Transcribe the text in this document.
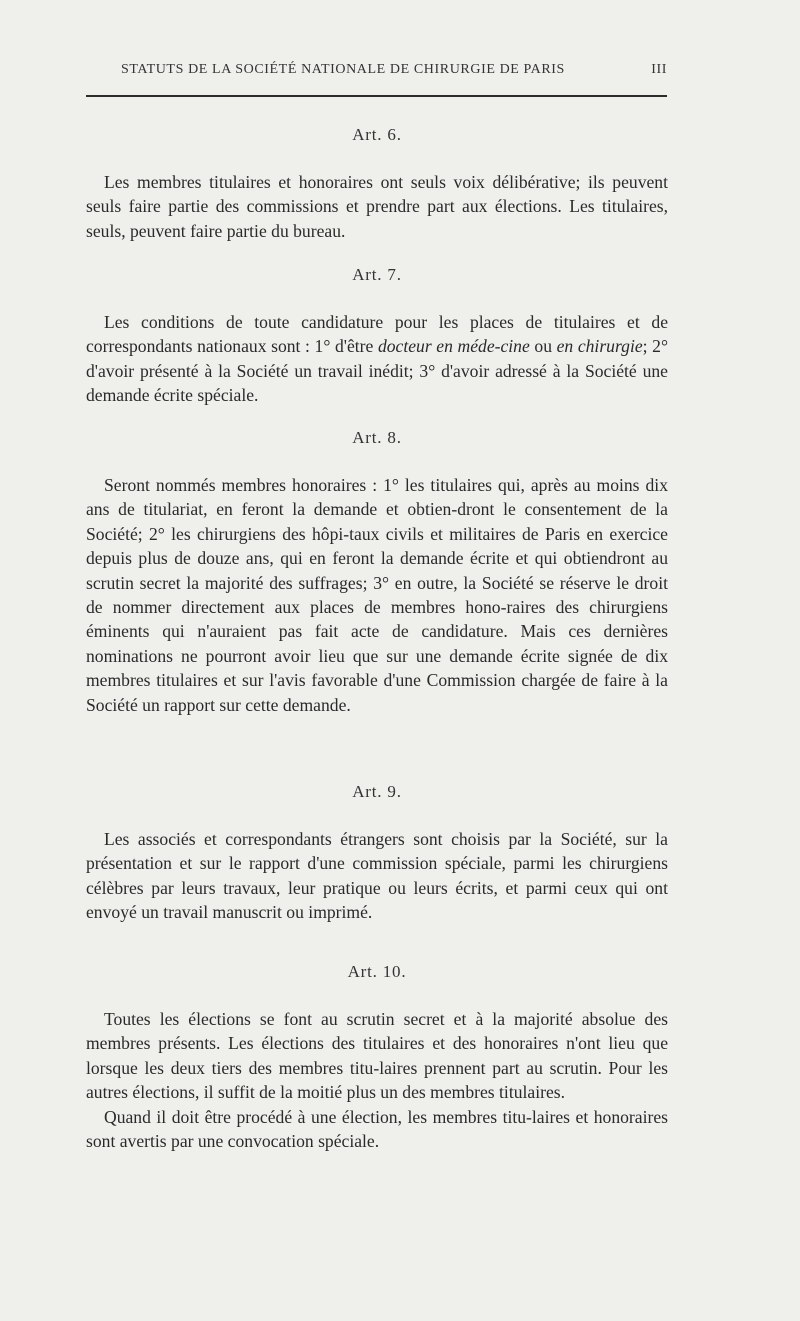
STATUTS DE LA SOCIÉTÉ NATIONALE DE CHIRURGIE DE PARIS	III
Art. 6.

Les membres titulaires et honoraires ont seuls voix délibérative; ils peuvent seuls faire partie des commissions et prendre part aux élections. Les titulaires, seuls, peuvent faire partie du bureau.

Art. 7.

Les conditions de toute candidature pour les places de titulaires et de correspondants nationaux sont : 1° d'être docteur en méde-cine ou en chirurgie; 2° d'avoir présenté à la Société un travail inédit; 3° d'avoir adressé à la Société une demande écrite spéciale.

Art. 8.

Seront nommés membres honoraires : 1° les titulaires qui, après au moins dix ans de titulariat, en feront la demande et obtien-dront le consentement de la Société; 2° les chirurgiens des hôpi-taux civils et militaires de Paris en exercice depuis plus de douze ans, qui en feront la demande écrite et qui obtiendront au scrutin secret la majorité des suffrages; 3° en outre, la Société se réserve le droit de nommer directement aux places de membres hono-raires des chirurgiens éminents qui n'auraient pas fait acte de candidature. Mais ces dernières nominations ne pourront avoir lieu que sur une demande écrite signée de dix membres titulaires et sur l'avis favorable d'une Commission chargée de faire à la Société un rapport sur cette demande.

Art. 9.

Les associés et correspondants étrangers sont choisis par la Société, sur la présentation et sur le rapport d'une commission spéciale, parmi les chirurgiens célèbres par leurs travaux, leur pratique ou leurs écrits, et parmi ceux qui ont envoyé un travail manuscrit ou imprimé.

Art. 10.

Toutes les élections se font au scrutin secret et à la majorité absolue des membres présents. Les élections des titulaires et des honoraires n'ont lieu que lorsque les deux tiers des membres titu-laires prennent part au scrutin. Pour les autres élections, il suffit de la moitié plus un des membres titulaires.

Quand il doit être procédé à une élection, les membres titu-laires et honoraires sont avertis par une convocation spéciale.
